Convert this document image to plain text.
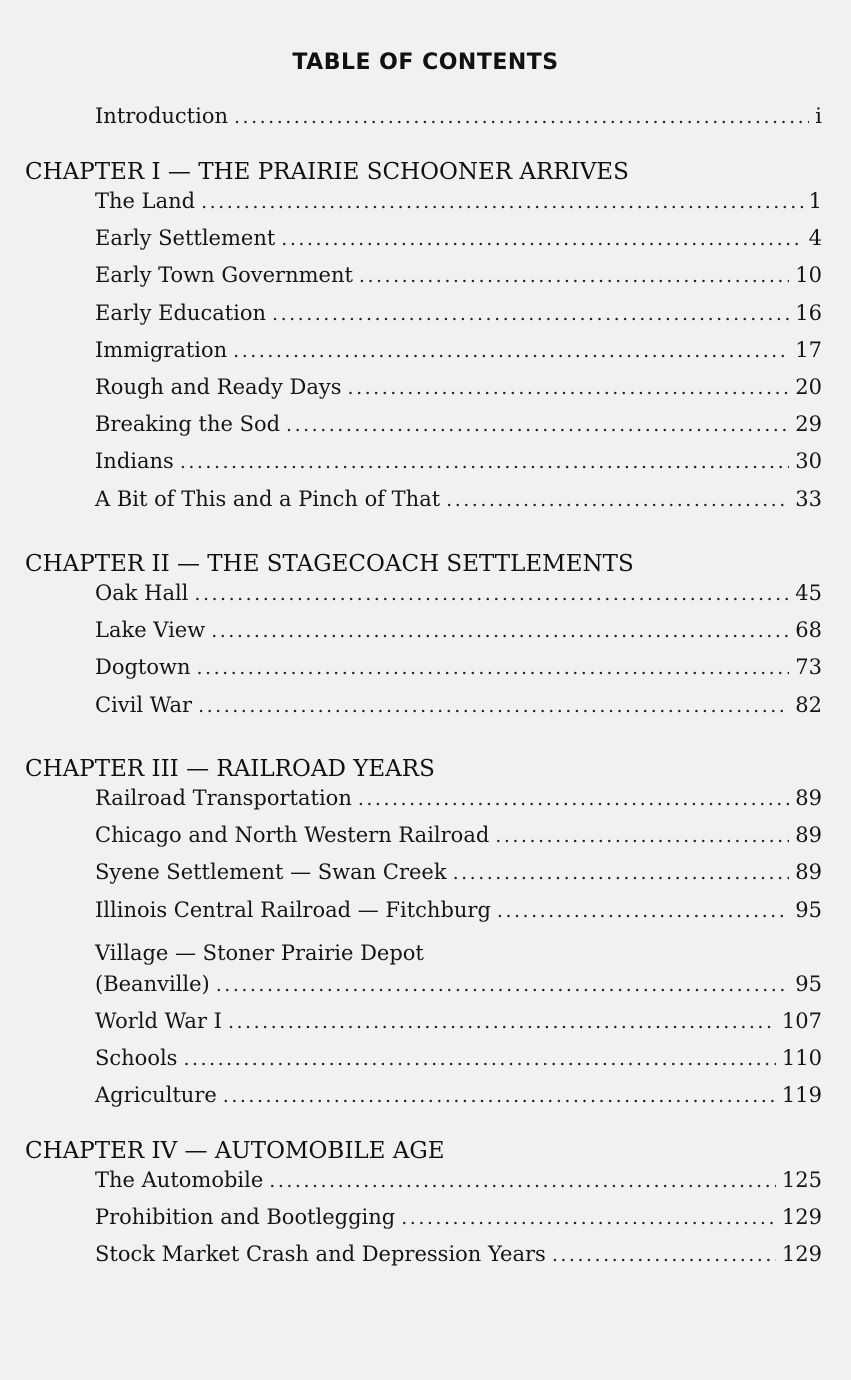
TABLE OF CONTENTS
Introduction .....	i
CHAPTER I — THE PRAIRIE SCHOONER ARRIVES
The Land .....	1
Early Settlement .....	4
Early Town Government .....	10
Early Education .....	16
Immigration .....	17
Rough and Ready Days .....	20
Breaking the Sod .....	29
Indians .....	30
A Bit of This and a Pinch of That .....	33
CHAPTER II — THE STAGECOACH SETTLEMENTS
Oak Hall .....	45
Lake View .....	68
Dogtown .....	73
Civil War .....	82
CHAPTER III — RAILROAD YEARS
Railroad Transportation .....	89
Chicago and North Western Railroad .....	89
Syene Settlement — Swan Creek .....	89
Illinois Central Railroad — Fitchburg .....	95
Village — Stoner Prairie Depot
(Beanville) .....	95
World War I .....	107
Schools .....	110
Agriculture .....	119
CHAPTER IV — AUTOMOBILE AGE
The Automobile .....	125
Prohibition and Bootlegging .....	129
Stock Market Crash and Depression Years .....	129
